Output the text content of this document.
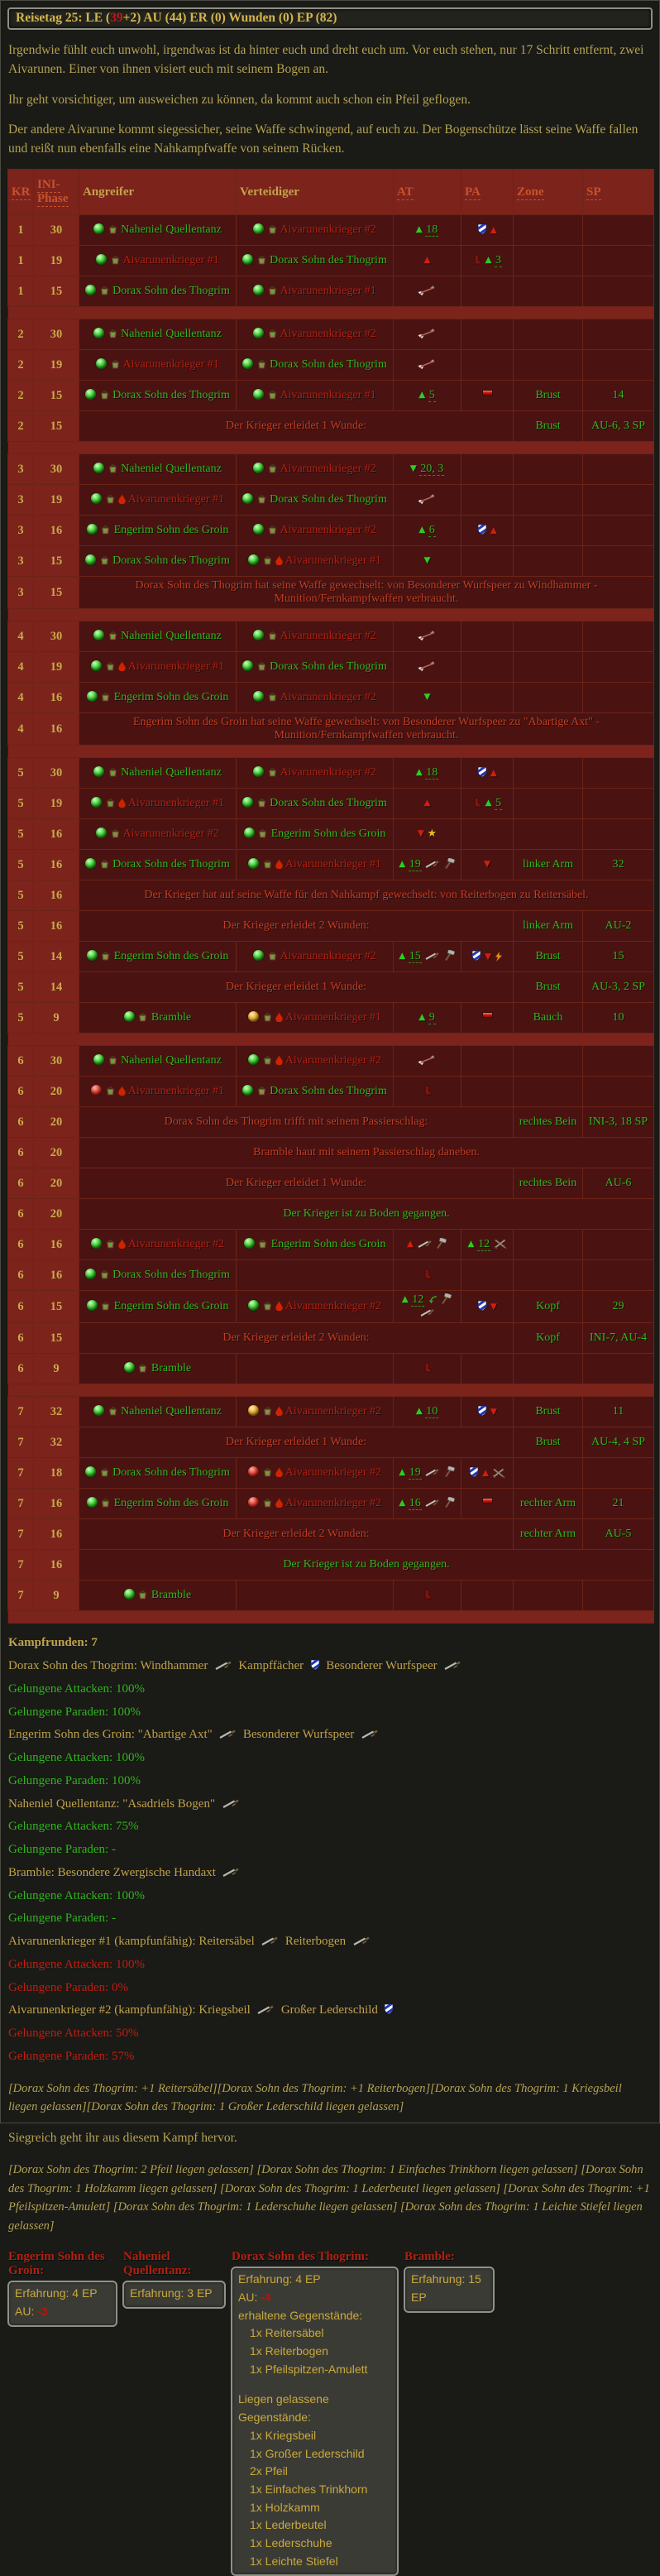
Reisetag 25: LE (39+2) AU (44) ER (0) Wunden (0) EP (82)

Irgendwie fühlt euch unwohl, irgendwas ist da hinter euch und dreht euch um. Vor euch stehen, nur 17 Schritt entfernt, zwei Aivarunen. Einer von ihnen visiert euch mit seinem Bogen an.

Ihr geht vorsichtiger, um ausweichen zu können, da kommt auch schon ein Pfeil geflogen.

Der andere Aivarune kommt siegessicher, seine Waffe schwingend, auf euch zu. Der Bogenschütze lässt seine Waffe fallen und reißt nun ebenfalls eine Nahkampfwaffe von seinem Rücken.

KR	INI-Phase	Angreifer	Verteidiger	AT	PA	Zone	SP
1	30	Naheniel Quellentanz	Aivarunenkrieger #2	▲ 18	▲		
1	19	Aivarunenkrieger #1	Dorax Sohn des Thogrim	▲	▲ 3		
1	15	Dorax Sohn des Thogrim	Aivarunenkrieger #1				

2	30	Naheniel Quellentanz	Aivarunenkrieger #2				
2	19	Aivarunenkrieger #1	Dorax Sohn des Thogrim				
2	15	Dorax Sohn des Thogrim	Aivarunenkrieger #1	▲ 5		Brust	14
2	15	Der Krieger erleidet 1 Wunde:				Brust	AU-6, 3 SP

3	30	Naheniel Quellentanz	Aivarunenkrieger #2	▼ 20, 3			
3	19	Aivarunenkrieger #1	Dorax Sohn des Thogrim				
3	16	Engerim Sohn des Groin	Aivarunenkrieger #2	▲ 6	▲		
3	15	Dorax Sohn des Thogrim	Aivarunenkrieger #1	▼			
3	15	Dorax Sohn des Thogrim hat seine Waffe gewechselt: von Besonderer Wurfspeer zu Windhammer - Munition/Fernkampfwaffen verbraucht.					

4	30	Naheniel Quellentanz	Aivarunenkrieger #2				
4	19	Aivarunenkrieger #1	Dorax Sohn des Thogrim				
4	16	Engerim Sohn des Groin	Aivarunenkrieger #2	▼			
4	16	Engerim Sohn des Groin hat seine Waffe gewechselt: von Besonderer Wurfspeer zu "Abartige Axt" - Munition/Fernkampfwaffen verbraucht.					

5	30	Naheniel Quellentanz	Aivarunenkrieger #2	▲ 18	▲		
5	19	Aivarunenkrieger #1	Dorax Sohn des Thogrim	▲	▲ 5		
5	16	Aivarunenkrieger #2	Engerim Sohn des Groin	▼ ★			
5	16	Dorax Sohn des Thogrim	Aivarunenkrieger #1	▲ 19	▼	linker Arm	32
5	16	Der Krieger hat auf seine Waffe für den Nahkampf gewechselt: von Reiterbogen zu Reitersäbel.					
5	16	Der Krieger erleidet 2 Wunden:				linker Arm	AU-2
5	14	Engerim Sohn des Groin	Aivarunenkrieger #2	▲ 15	▼	Brust	15
5	14	Der Krieger erleidet 1 Wunde:				Brust	AU-3, 2 SP
5	9	Bramble	Aivarunenkrieger #1	▲ 9		Bauch	10

6	30	Naheniel Quellentanz	Aivarunenkrieger #2				
6	20	Aivarunenkrieger #1	Dorax Sohn des Thogrim				
6	20	Dorax Sohn des Thogrim trifft mit seinem Passierschlag:				rechtes Bein	INI-3, 18 SP
6	20	Bramble haut mit seinem Passierschlag daneben.					
6	20	Der Krieger erleidet 1 Wunde:				rechtes Bein	AU-6
6	20	Der Krieger ist zu Boden gegangen.					
6	16	Aivarunenkrieger #2	Engerim Sohn des Groin	▲	▲ 12		
6	16	Dorax Sohn des Thogrim					
6	15	Engerim Sohn des Groin	Aivarunenkrieger #2	▲ 12	▼	Kopf	29
6	15	Der Krieger erleidet 2 Wunden:				Kopf	INI-7, AU-4
6	9	Bramble					

7	32	Naheniel Quellentanz	Aivarunenkrieger #2	▲ 10	▼	Brust	11
7	32	Der Krieger erleidet 1 Wunde:				Brust	AU-4, 4 SP
7	18	Dorax Sohn des Thogrim	Aivarunenkrieger #2	▲ 19	▲		
7	16	Engerim Sohn des Groin	Aivarunenkrieger #2	▲ 16		rechter Arm	21
7	16	Der Krieger erleidet 2 Wunden:				rechter Arm	AU-5
7	16	Der Krieger ist zu Boden gegangen.					
7	9	Bramble					

Kampfrunden: 7
Dorax Sohn des Thogrim: Windhammer Kampffächer Besonderer Wurfspeer
Gelungene Attacken: 100%
Gelungene Paraden: 100%
Engerim Sohn des Groin: "Abartige Axt" Besonderer Wurfspeer
Gelungene Attacken: 100%
Gelungene Paraden: 100%
Naheniel Quellentanz: "Asadriels Bogen"
Gelungene Attacken: 75%
Gelungene Paraden: -
Bramble: Besondere Zwergische Handaxt
Gelungene Attacken: 100%
Gelungene Paraden: -
Aivarunenkrieger #1 (kampfunfähig): Reitersäbel Reiterbogen
Gelungene Attacken: 100%
Gelungene Paraden: 0%
Aivarunenkrieger #2 (kampfunfähig): Kriegsbeil Großer Lederschild
Gelungene Attacken: 50%
Gelungene Paraden: 57%

[Dorax Sohn des Thogrim: +1 Reitersäbel][Dorax Sohn des Thogrim: +1 Reiterbogen][Dorax Sohn des Thogrim: 1 Kriegsbeil liegen gelassen][Dorax Sohn des Thogrim: 1 Großer Lederschild liegen gelassen]

Siegreich geht ihr aus diesem Kampf hervor.

[Dorax Sohn des Thogrim: 2 Pfeil liegen gelassen] [Dorax Sohn des Thogrim: 1 Einfaches Trinkhorn liegen gelassen] [Dorax Sohn des Thogrim: 1 Holzkamm liegen gelassen] [Dorax Sohn des Thogrim: 1 Lederbeutel liegen gelassen] [Dorax Sohn des Thogrim: +1 Pfeilspitzen-Amulett] [Dorax Sohn des Thogrim: 1 Lederschuhe liegen gelassen] [Dorax Sohn des Thogrim: 1 Leichte Stiefel liegen gelassen]

Engerim Sohn des Groin:
Erfahrung: 4 EP
AU: -3
Naheniel Quellentanz:
Erfahrung: 3 EP
Dorax Sohn des Thogrim:
Erfahrung: 4 EP
AU: -4
erhaltene Gegenstände:
1x Reitersäbel
1x Reiterbogen
1x Pfeilspitzen-Amulett
Liegen gelassene Gegenstände:
1x Kriegsbeil
1x Großer Lederschild
2x Pfeil
1x Einfaches Trinkhorn
1x Holzkamm
1x Lederbeutel
1x Lederschuhe
1x Leichte Stiefel
Bramble:
Erfahrung: 15 EP
